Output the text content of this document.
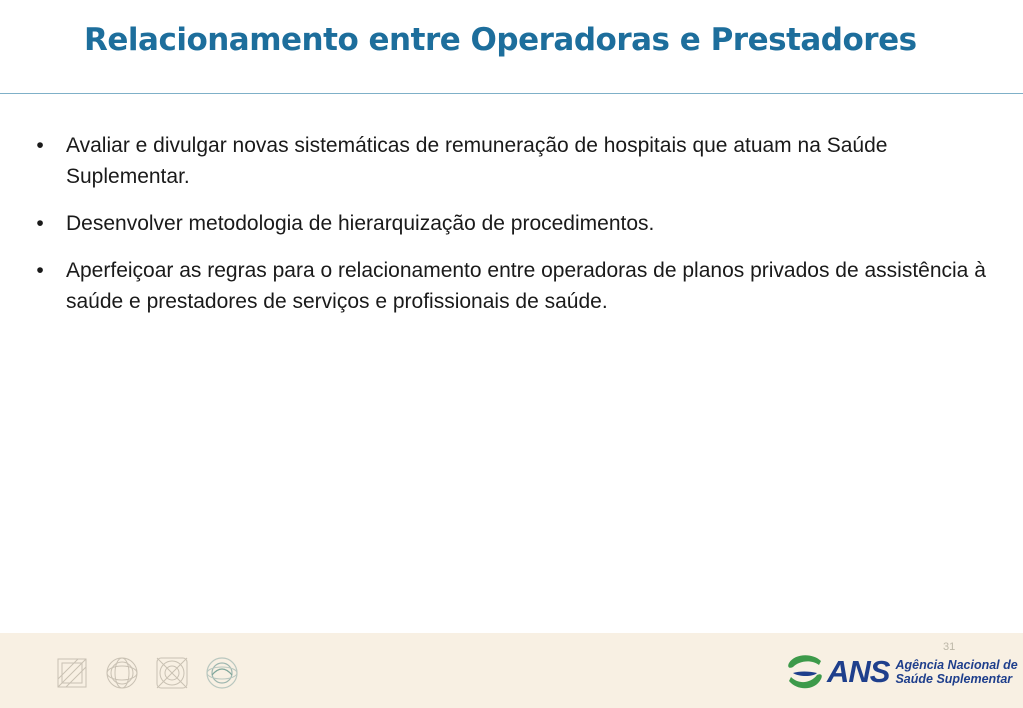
Relacionamento entre Operadoras e Prestadores
•	Avaliar e divulgar novas sistemáticas de remuneração de hospitais que atuam na Saúde Suplementar.
•	Desenvolver metodologia de hierarquização de procedimentos.
•	Aperfeiçoar as regras para o relacionamento entre operadoras de planos privados de assistência à saúde e prestadores de serviços e profissionais de saúde.
ANS Agência Nacional de
Saúde Suplementar
31
